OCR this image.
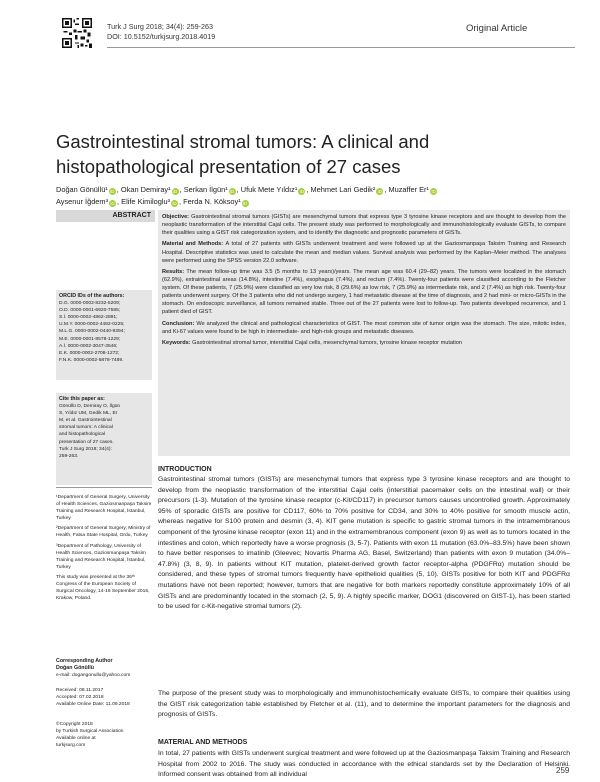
Turk J Surg 2018; 34(4): 259-263
DOI: 10.5152/turkjsurg.2018.4019
Original Article
Gastrointestinal stromal tumors: A clinical and
histopathological presentation of 27 cases
Doğan Gönüllü¹ iD , Okan Demiray¹ iD , Serkan İlgün¹ iD , Ufuk Mete Yıldız¹ iD , Mehmet Lari Gedik² iD , Muzaffer Er¹ iD
Aysenur İğdem³ iD , Elife Kimiloglu³ iD , Ferda N. Köksoy¹ iD
ABSTRACT	Objective: Gastrointestinal stromal tumors (GISTs) are mesenchymal tumors that express type 3 tyrosine kinase receptors and are thought to develop from the neoplastic transformation of the interstitial Cajal cells. The present study was performed to morphologically and immunohistologically evaluate GISTs, to compare their qualities using a GIST risk categorization system, and to identify the diagnostic and prognostic parameters of GISTs.

Material and Methods: A total of 27 patients with GISTs underwent treatment and were followed up at the Gaziosmanpaşa Taksim Training and Research Hospital. Descriptive statistics was used to calculate the mean and median values. Survival analysis was performed by the Kaplan–Meier method. The analyses were performed using the SPSS version 22.0 software.

Results: The mean follow-up time was 3.5 (5 months to 13 years)/years. The mean age was 60.4 (29–82) years. The tumors were localized in the stomach (62.9%), extraintestinal areas (14.8%), intestine (7.4%), esophagus (7.4%), and rectum (7.4%). Twenty-four patients were classified according to the Fletcher system. Of these patients, 7 (25.9%) were classified as very low risk, 8 (29.6%) as low risk, 7 (25.9%) as intermediate risk, and 2 (7.4%) as high risk. Twenty-four patients underwent surgery. Of the 3 patients who did not undergo surgery, 1 had metastatic disease at the time of diagnosis, and 2 had mini- or micro-GISTs in the stomach. On endoscopic surveillance, all tumors remained stable. Three out of the 27 patients were lost to follow-up. Two patients developed recurrence, and 1 patient died of GIST.

Conclusion: We analyzed the clinical and pathological characteristics of GIST. The most common site of tumor origin was the stomach. The size, mitotic index, and Ki-67 values were found to be high in intermediate- and high-risk groups and metastatic diseases.

Keywords: Gastrointestinal stromal tumor, interstitial Cajal cells, mesenchymal tumors, tyrosine kinase receptor mutation

ORCID IDs of the authors:
D.G. 0000-0002-8232-5209;
O.D. 0000-0001-6920-7585;
S.İ. 0000-0002-4862-2891;
U.M.Y. 0000-0002-4482-0225;
M.L.G. 0000-0002-0440-9394;
M.E. 0000-0001-8578-1229;
A.İ. 0000-0002-3047-3546;
E.K. 0000-0002-2708-1272;
F.N.K. 0000-0002-5878-7489.
Cite this paper as:
Gönüllü D, Demiray O, İlgün
S, Yıldız UM, Gedik ML, Er
M, et al. Gastrointestinal
stromal tumors: A clinical
and histopathological
presentation of 27 cases.
Turk J Surg 2018; 34(4):
259-263.

¹Department of General Surgery, University of Health Sciences, Gaziosmanpaşa Taksim Training and Research Hospital, İstanbul, Turkey

²Department of General Surgery, Ministry of Health, Fatsa State Hospital, Ordu, Turkey

³Department of Pathology, University of Health Sciences, Gaziosmanpaşa Taksim Training and Research Hospital, İstanbul, Turkey

This study was presented at the 36ᵗʰ Congress of the European Society of Surgical Oncology, 14-16 September 2016, Krakow, Poland.

Corresponding Author
Doğan Gönüllü
e-mail: dogangonullu@yahoo.com
Received: 08.11.2017
Accepted: 07.02.2018
Available Online Date: 11.09.2018
©Copyright 2018
by Turkish Surgical Association
Available online at
turkjsurg.com
INTRODUCTION
Gastrointestinal stromal tumors (GISTs) are mesenchymal tumors that express type 3 tyrosine kinase receptors and are thought to develop from the neoplastic transformation of the interstitial Cajal cells (interstitial pacemaker cells on the intestinal wall) or their precursors (1-3). Mutation of the tyrosine kinase receptor (c-Kit/CD117) in precursor tumors causes uncontrolled growth. Approximately 95% of sporadic GISTs are positive for CD117, 60% to 70% positive for CD34, and 30% to 40% positive for smooth muscle actin, whereas negative for S100 protein and desmin (3, 4). KIT gene mutation is specific to gastric stromal tumors in the intramembranous component of the tyrosine kinase receptor (exon 11) and in the extramembranous component (exon 9) as well as to tumors located in the intestines and colon, which reportedly have a worse prognosis (3, 5-7). Patients with exon 11 mutation (63.0%–83.5%) have been shown to have better responses to imatinib (Gleevec; Novartis Pharma AG, Basel, Switzerland) than patients with exon 9 mutation (34.0%–47.8%) (3, 8, 9). In patients without KIT mutation, platelet-derived growth factor receptor-alpha (PDGFRα) mutation should be considered, and these types of stromal tumors frequently have epithelioid qualities (5, 10). GISTs positive for both KIT and PDGFRα mutations have not been reported; however, tumors that are negative for both markers reportedly constitute approximately 10% of all GISTs and are predominantly located in the stomach (2, 5, 9). A highly specific marker, DOG1 (discovered on GIST-1), has been started to be used for c-Kit-negative stromal tumors (2).
The purpose of the present study was to morphologically and immunohistochemically evaluate GISTs, to compare their qualities using the GIST risk categorization table established by Fletcher et al. (11), and to determine the important parameters for the diagnosis and prognosis of GISTs.
MATERIAL AND METHODS
In total, 27 patients with GISTs underwent surgical treatment and were followed up at the Gaziosmanpaşa Taksim Training and Research Hospital from 2002 to 2016. The study was conducted in accordance with the ethical standards set by the Declaration of Helsinki. Informed consent was obtained from all individual	259
